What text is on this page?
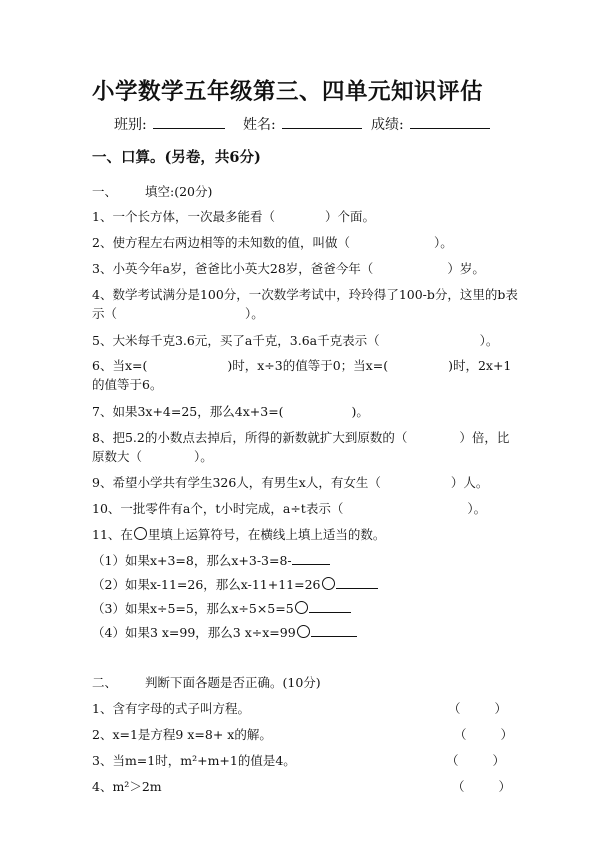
小学数学五年级第三、四单元知识评估
班别:	姓名:	成绩:
一、口算。(另卷，共6分)
一、 填空:(20分)
1、一个长方体，一次最多能看（	）个面。
2、使方程左右两边相等的未知数的值，叫做（	）。
3、小英今年a岁，爸爸比小英大28岁，爸爸今年（	）岁。
4、数学考试满分是100分，一次数学考试中，玲玲得了100-b分，这里的b表
示（	）。
5、大米每千克3.6元，买了a千克，3.6a千克表示（	）。
6、当x=(	)时，x÷3的值等于0；当x=(	)时，2x+1
的值等于6。
7、如果3x+4=25，那么4x+3=(	)。
8、把5.2的小数点去掉后，所得的新数就扩大到原数的（	）倍，比
原数大（	）。
9、希望小学共有学生326人，有男生x人，有女生（	）人。
10、一批零件有a个，t小时完成，a÷t表示（	）。
11、在 里填上运算符号，在横线上填上适当的数。
（1）如果x+3=8，那么x+3-3=8-
（2）如果x-11=26，那么x-11+11=26
（3）如果x÷5=5，那么x÷5×5=5
（4）如果3 x=99，那么3 x÷x=99
二、 判断下面各题是否正确。(10分)
1、含有字母的式子叫方程。	（	）
2、x=1是方程9 x=8+ x的解。	（	）
3、当m=1时，m²+m+1的值是4。	（	）
4、m²＞2m	（	）
